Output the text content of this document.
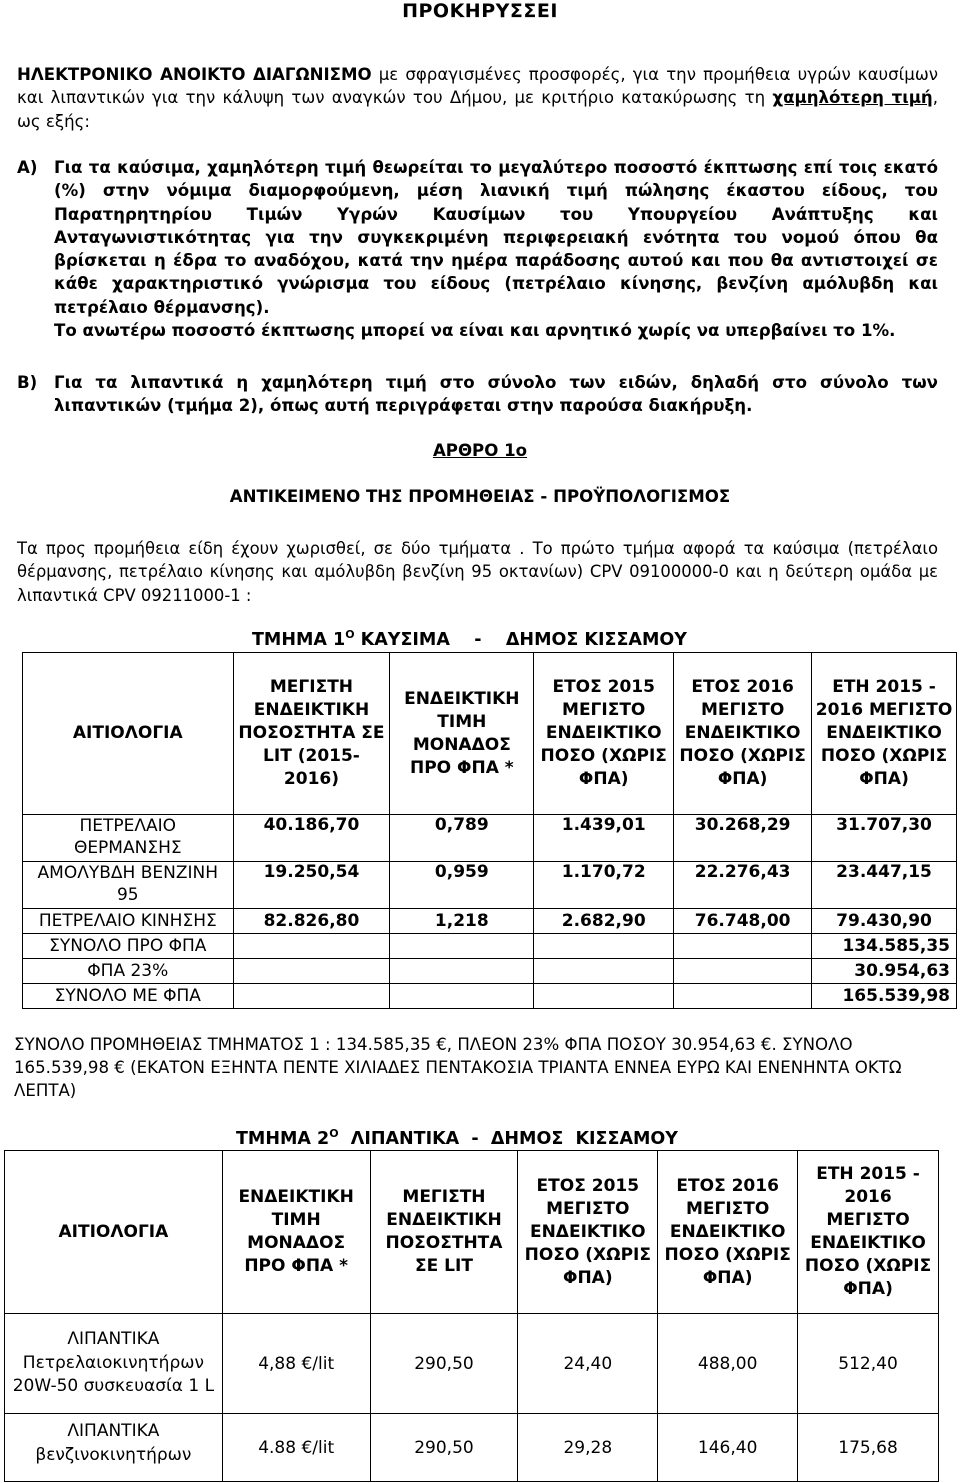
ΠΡΟΚΗΡΥΣΣΕΙ
ΗΛΕΚΤΡΟΝΙΚΟ ΑΝΟΙΚΤΟ ΔΙΑΓΩΝΙΣΜΟ με σφραγισμένες προσφορές, για την προμήθεια υγρών καυσίμων και λιπαντικών για την κάλυψη των αναγκών του Δήμου, με κριτήριο κατακύρωσης τη χαμηλότερη τιμή, ως εξής:
Α) Για τα καύσιμα, χαμηλότερη τιμή θεωρείται το μεγαλύτερο ποσοστό έκπτωσης επί τοις εκατό (%) στην νόμιμα διαμορφούμενη, μέση λιανική τιμή πώλησης έκαστου είδους, του Παρατηρητηρίου Τιμών Υγρών Καυσίμων του Υπουργείου Ανάπτυξης και Ανταγωνιστικότητας για την συγκεκριμένη περιφερειακή ενότητα του νομού όπου θα βρίσκεται η έδρα το αναδόχου, κατά την ημέρα παράδοσης αυτού και που θα αντιστοιχεί σε κάθε χαρακτηριστικό γνώρισμα του είδους (πετρέλαιο κίνησης, βενζίνη αμόλυβδη και πετρέλαιο θέρμανσης).
Το ανωτέρω ποσοστό έκπτωσης μπορεί να είναι και αρνητικό χωρίς να υπερβαίνει το 1%.
Β) Για τα λιπαντικά η χαμηλότερη τιμή στο σύνολο των ειδών, δηλαδή στο σύνολο των λιπαντικών (τμήμα 2), όπως αυτή περιγράφεται στην παρούσα διακήρυξη.
ΑΡΘΡΟ 1ο
ΑΝΤΙΚΕΙΜΕΝΟ ΤΗΣ ΠΡΟΜΗΘΕΙΑΣ - ΠΡΟΫΠΟΛΟΓΙΣΜΟΣ
Τα προς προμήθεια είδη έχουν χωρισθεί, σε δύο τμήματα . Το πρώτο τμήμα αφορά τα καύσιμα (πετρέλαιο θέρμανσης, πετρέλαιο κίνησης και αμόλυβδη βενζίνη 95 οκτανίων) CPV 09100000-0 και η δεύτερη ομάδα με λιπαντικά CPV 09211000-1 :
ΤΜΗΜΑ $1^O$ ΚΑΥΣΙΜΑ    -    ΔΗΜΟΣ ΚΙΣΣΑΜΟΥ
ΑΙΤΙΟΛΟΓΙΑ	ΜΕΓΙΣΤΗ ΕΝΔΕΙΚΤΙΚΗ ΠΟΣΟΣΤΗΤΑ ΣΕ LIT (2015-2016)	ΕΝΔΕΙΚΤΙΚΗ ΤΙΜΗ ΜΟΝΑΔΟΣ ΠΡΟ ΦΠΑ *	ΕΤΟΣ 2015 ΜΕΓΙΣΤΟ ΕΝΔΕΙΚΤΙΚΟ ΠΟΣΟ (ΧΩΡΙΣ ΦΠΑ)	ΕΤΟΣ 2016 ΜΕΓΙΣΤΟ ΕΝΔΕΙΚΤΙΚΟ ΠΟΣΟ (ΧΩΡΙΣ ΦΠΑ)	ΕΤΗ 2015 - 2016 ΜΕΓΙΣΤΟ ΕΝΔΕΙΚΤΙΚΟ ΠΟΣΟ (ΧΩΡΙΣ ΦΠΑ)
ΠΕΤΡΕΛΑΙΟ ΘΕΡΜΑΝΣΗΣ	40.186,70	0,789	1.439,01	30.268,29	31.707,30
ΑΜΟΛΥΒΔΗ ΒΕΝΖΙΝΗ 95	19.250,54	0,959	1.170,72	22.276,43	23.447,15
ΠΕΤΡΕΛΑΙΟ ΚΙΝΗΣΗΣ	82.826,80	1,218	2.682,90	76.748,00	79.430,90
ΣΥΝΟΛΟ ΠΡΟ ΦΠΑ					134.585,35
ΦΠΑ 23%					30.954,63
ΣΥΝΟΛΟ ΜΕ ΦΠΑ					165.539,98
ΣΥΝΟΛΟ ΠΡΟΜΗΘΕΙΑΣ ΤΜΗΜΑΤΟΣ 1 : 134.585,35 €, ΠΛΕΟΝ 23% ΦΠΑ ΠΟΣΟΥ 30.954,63 €. ΣΥΝΟΛΟ 165.539,98 € (ΕΚΑΤΟΝ ΕΞΗΝΤΑ ΠΕΝΤΕ ΧΙΛΙΑΔΕΣ ΠΕΝΤΑΚΟΣΙΑ ΤΡΙΑΝΤΑ ΕΝΝΕΑ ΕΥΡΩ ΚΑΙ ΕΝΕΝΗΝΤΑ ΟΚΤΩ ΛΕΠΤΑ)
ΤΜΗΜΑ $2^O$  ΛΙΠΑΝΤΙΚΑ  -  ΔΗΜΟΣ  ΚΙΣΣΑΜΟΥ
ΑΙΤΙΟΛΟΓΙΑ	ΕΝΔΕΙΚΤΙΚΗ ΤΙΜΗ ΜΟΝΑΔΟΣ ΠΡΟ ΦΠΑ *	ΜΕΓΙΣΤΗ ΕΝΔΕΙΚΤΙΚΗ ΠΟΣΟΣΤΗΤΑ ΣΕ LIT	ΕΤΟΣ 2015 ΜΕΓΙΣΤΟ ΕΝΔΕΙΚΤΙΚΟ ΠΟΣΟ (ΧΩΡΙΣ ΦΠΑ)	ΕΤΟΣ 2016 ΜΕΓΙΣΤΟ ΕΝΔΕΙΚΤΙΚΟ ΠΟΣΟ (ΧΩΡΙΣ ΦΠΑ)	ΕΤΗ 2015 - 2016 ΜΕΓΙΣΤΟ ΕΝΔΕΙΚΤΙΚΟ ΠΟΣΟ (ΧΩΡΙΣ ΦΠΑ)
ΛΙΠΑΝΤΙΚΑ Πετρελαιοκινητήρων 20W-50 συσκευασία 1 L	4,88 €/lit	290,50	24,40	488,00	512,40
ΛΙΠΑΝΤΙΚΑ βενζινοκινητήρων	4.88 €/lit	290,50	29,28	146,40	175,68
